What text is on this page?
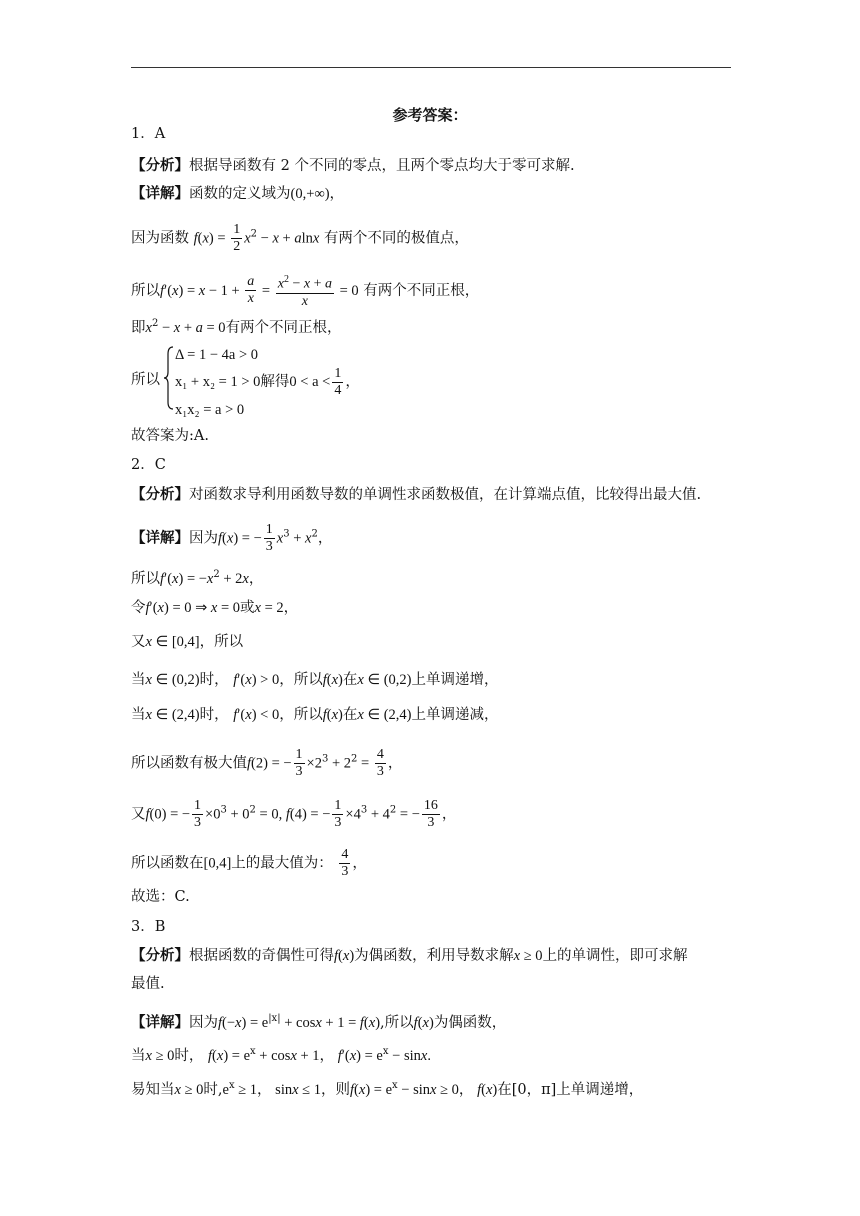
参考答案：
1．A
【分析】根据导函数有 2 个不同的零点，且两个零点均大于零可求解.
【详解】函数的定义域为(0,+∞)，
因为函数 $f(x) = \frac{1}{2} x^2 - x + alnx$ 有两个不同的极值点，
所以$f'(x) = x - 1 + \frac{a}{x} = \frac{x^2 - x + a}{x} = 0$ 有两个不同正根，
即$x^2 - x + a = 0$有两个不同正根，
所以
Δ = 1 − 4a > 0
x₁ + x₂ = 1 > 0解得$0 < a < \frac{1}{4}$ ，
x₁x₂ = a > 0
故答案为:A.
2．C
【分析】对函数求导利用函数导数的单调性求函数极值，在计算端点值，比较得出最大值.
【详解】因为f(x) = − $\frac{1}{3} x^3 + x^2$，
所以$f'(x) = -x^2 + 2x$，
令f′(x) = 0 ⇒ x = 0或x = 2，
又x ∈ [0,4]，所以
当x ∈ (0,2)时， f′(x) > 0，所以f(x)在x ∈ (0,2)上单调递增，
当x ∈ (2,4)时， f′(x) < 0，所以f(x)在x ∈ (2,4)上单调递减，
所以函数有极大值f(2) = − $\frac{1}{3} \times 2^3 + 2^2 = \frac{4}{3}$ ，
又f(0) = − $\frac{1}{3} \times 0^3 + 0^2 = 0$, f(4) = − $\frac{1}{3} \times 4^3 + 4^2$ = − $\frac{16}{3}$ ，
所以函数在[0,4]上的最大值为： $\frac{4}{3}$ ，
故选：C.
3．B
【分析】根据函数的奇偶性可得f(x)为偶函数，利用导数求解x ≥ 0上的单调性，即可求解
最值.
【详解】因为$f(-x) = e^{|x|} + \cos x + 1 = f(x)$,所以f(x)为偶函数，
当x ≥ 0时， $f(x) = e^x + \cos x + 1$， $f'(x) = e^x - \sin x$.
易知当x ≥ 0时$,e^x \ge 1$， sinx ≤ 1，则$f(x) = e^x - \sin x \ge 0$， f(x)在[0，π]上单调递增，
